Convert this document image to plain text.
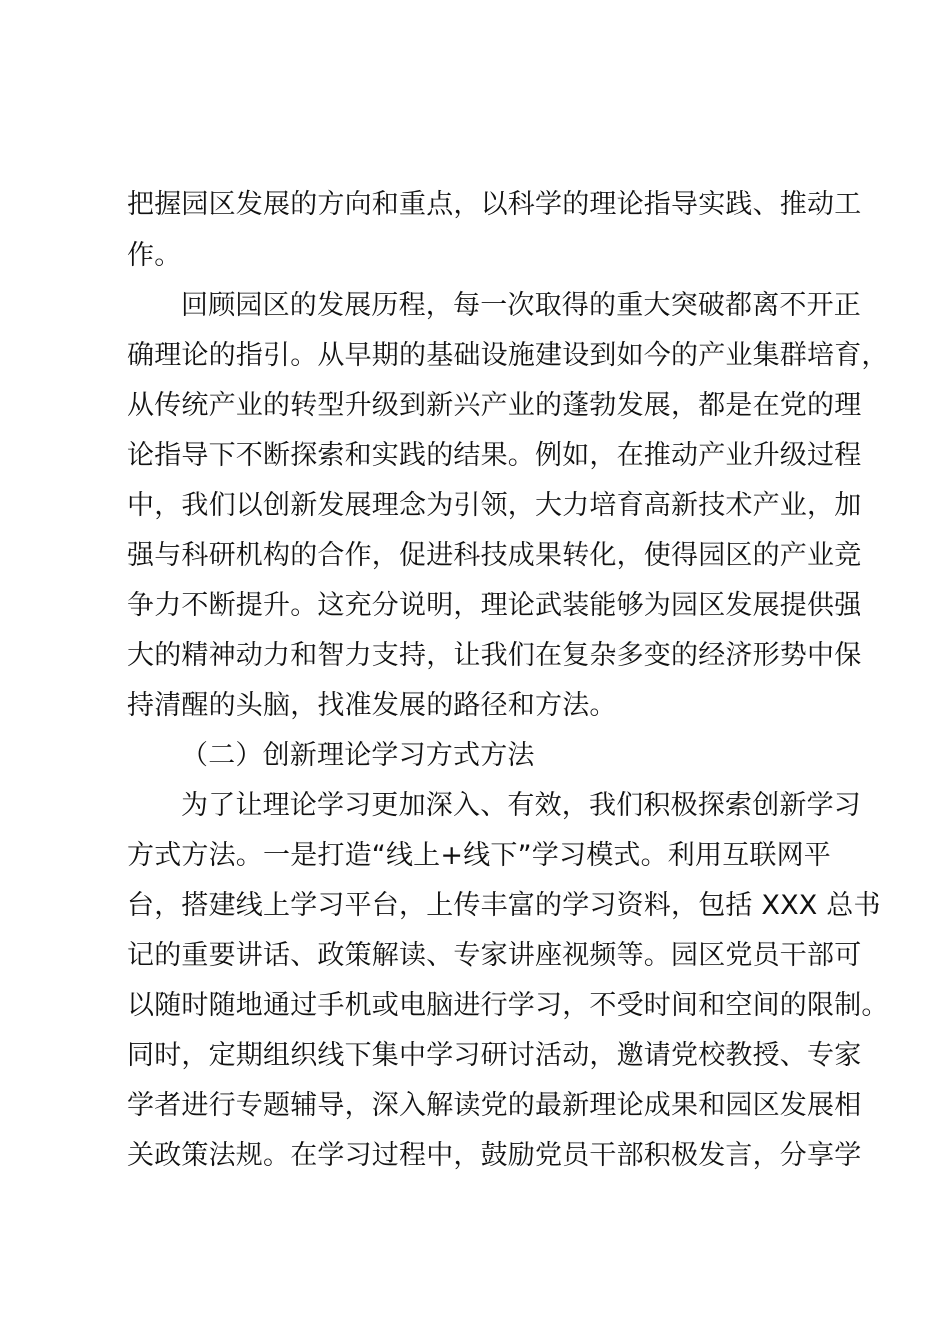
把握园区发展的方向和重点，以科学的理论指导实践、推动工
作。
回顾园区的发展历程，每一次取得的重大突破都离不开正
确理论的指引。从早期的基础设施建设到如今的产业集群培育，
从传统产业的转型升级到新兴产业的蓬勃发展，都是在党的理
论指导下不断探索和实践的结果。例如，在推动产业升级过程
中，我们以创新发展理念为引领，大力培育高新技术产业，加
强与科研机构的合作，促进科技成果转化，使得园区的产业竞
争力不断提升。这充分说明，理论武装能够为园区发展提供强
大的精神动力和智力支持，让我们在复杂多变的经济形势中保
持清醒的头脑，找准发展的路径和方法。
（二）创新理论学习方式方法
为了让理论学习更加深入、有效，我们积极探索创新学习
方式方法。一是打造“线上+线下”学习模式。利用互联网平
台，搭建线上学习平台，上传丰富的学习资料，包括 XXX 总书
记的重要讲话、政策解读、专家讲座视频等。园区党员干部可
以随时随地通过手机或电脑进行学习，不受时间和空间的限制。
同时，定期组织线下集中学习研讨活动，邀请党校教授、专家
学者进行专题辅导，深入解读党的最新理论成果和园区发展相
关政策法规。在学习过程中，鼓励党员干部积极发言，分享学
